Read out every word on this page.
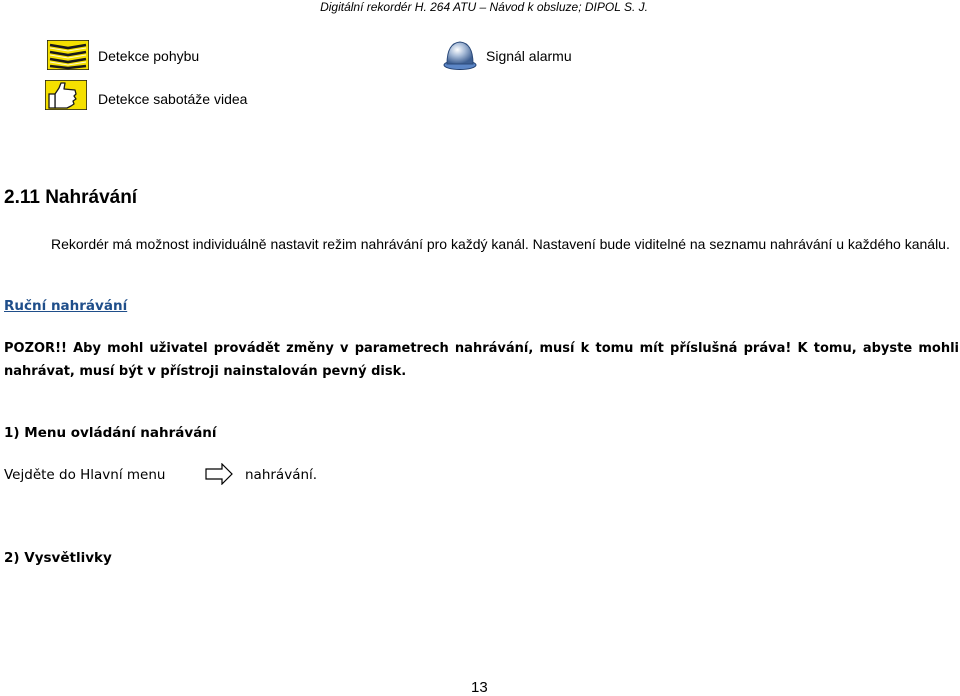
Digitální rekordér H. 264 ATU – Návod k obsluze; DIPOL S. J.
Detekce pohybu	Signál alarmu
Detekce sabotáže videa
2.11 Nahrávání
Rekordér má možnost individuálně nastavit režim nahrávání pro každý kanál. Nastavení bude viditelné na seznamu nahrávání u každého kanálu.
Ruční nahrávání
POZOR!! Aby mohl uživatel provádět změny v parametrech nahrávání, musí k tomu mít příslušná práva! K tomu, abyste mohli nahrávat, musí být v přístroji nainstalován pevný disk.
1) Menu ovládání nahrávání
Vejděte do Hlavní menu	nahrávání.
2) Vysvětlivky
13
